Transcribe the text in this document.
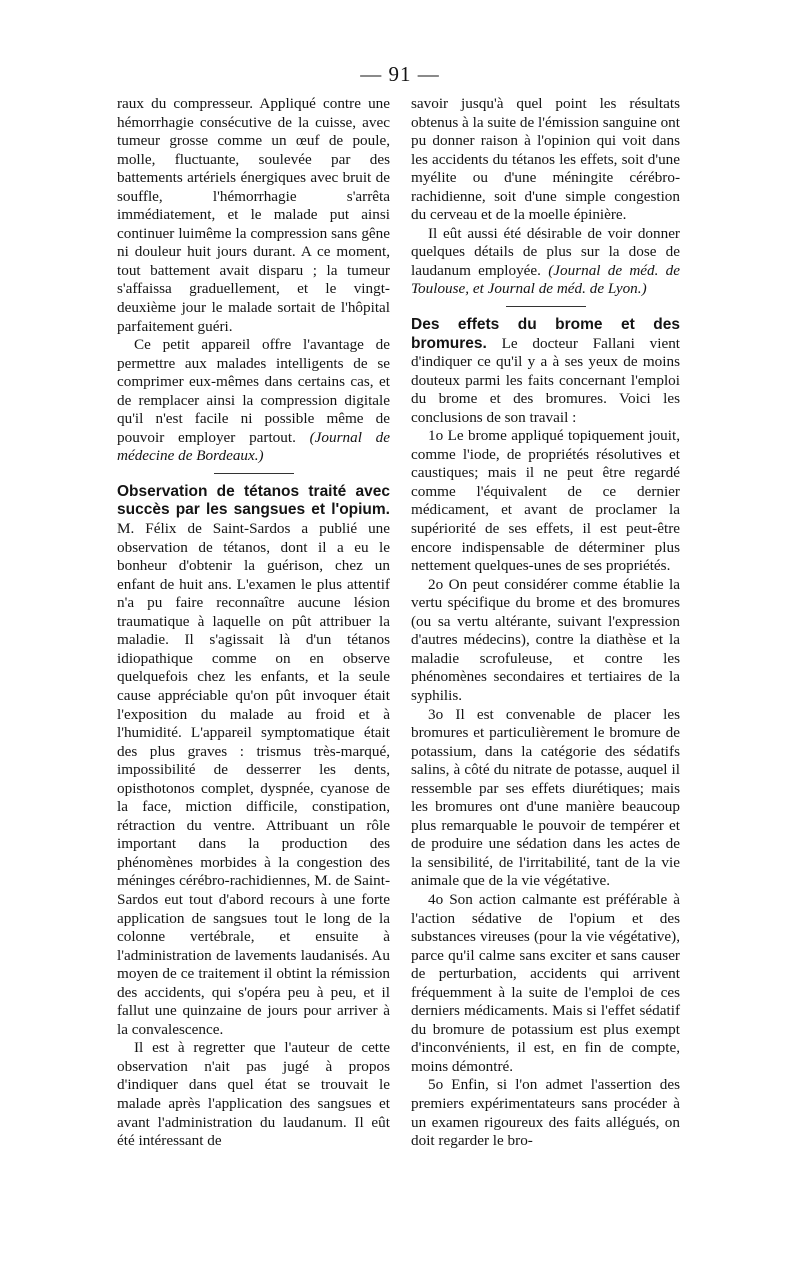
— 91 —

raux du compresseur. Appliqué contre une hémorrhagie consécutive de la cuisse, avec tumeur grosse comme un œuf de poule, molle, fluctuante, soulevée par des battements artériels énergiques avec bruit de souffle, l'hémorrhagie s'arrêta immédiatement, et le malade put ainsi continuer luimême la compression sans gêne ni douleur huit jours durant. A ce moment, tout battement avait disparu ; la tumeur s'affaissa graduellement, et le vingt-deuxième jour le malade sortait de l'hôpital parfaitement guéri.

Ce petit appareil offre l'avantage de permettre aux malades intelligents de se comprimer eux-mêmes dans certains cas, et de remplacer ainsi la compression digitale qu'il n'est facile ni possible même de pouvoir employer partout. (Journal de médecine de Bordeaux.)

Observation de tétanos traité avec succès par les sangsues et l'opium. M. Félix de Saint-Sardos a publié une observation de tétanos, dont il a eu le bonheur d'obtenir la guérison, chez un enfant de huit ans. L'examen le plus attentif n'a pu faire reconnaître aucune lésion traumatique à laquelle on pût attribuer la maladie. Il s'agissait là d'un tétanos idiopathique comme on en observe quelquefois chez les enfants, et la seule cause appréciable qu'on pût invoquer était l'exposition du malade au froid et à l'humidité. L'appareil symptomatique était des plus graves : trismus très-marqué, impossibilité de desserrer les dents, opisthotonos complet, dyspnée, cyanose de la face, miction difficile, constipation, rétraction du ventre. Attribuant un rôle important dans la production des phénomènes morbides à la congestion des méninges cérébro-rachidiennes, M. de Saint-Sardos eut tout d'abord recours à une forte application de sangsues tout le long de la colonne vertébrale, et ensuite à l'administration de lavements laudanisés. Au moyen de ce traitement il obtint la rémission des accidents, qui s'opéra peu à peu, et il fallut une quinzaine de jours pour arriver à la convalescence.

Il est à regretter que l'auteur de cette observation n'ait pas jugé à propos d'indiquer dans quel état se trouvait le malade après l'application des sangsues et avant l'administration du laudanum. Il eût été intéressant de

savoir jusqu'à quel point les résultats obtenus à la suite de l'émission sanguine ont pu donner raison à l'opinion qui voit dans les accidents du tétanos les effets, soit d'une myélite ou d'une méningite cérébro-rachidienne, soit d'une simple congestion du cerveau et de la moelle épinière.

Il eût aussi été désirable de voir donner quelques détails de plus sur la dose de laudanum employée. (Journal de méd. de Toulouse, et Journal de méd. de Lyon.)

Des effets du brome et des bromures. Le docteur Fallani vient d'indiquer ce qu'il y a à ses yeux de moins douteux parmi les faits concernant l'emploi du brome et des bromures. Voici les conclusions de son travail :

1o Le brome appliqué topiquement jouit, comme l'iode, de propriétés résolutives et caustiques; mais il ne peut être regardé comme l'équivalent de ce dernier médicament, et avant de proclamer la supériorité de ses effets, il est peut-être encore indispensable de déterminer plus nettement quelques-unes de ses propriétés.

2o On peut considérer comme établie la vertu spécifique du brome et des bromures (ou sa vertu altérante, suivant l'expression d'autres médecins), contre la diathèse et la maladie scrofuleuse, et contre les phénomènes secondaires et tertiaires de la syphilis.

3o Il est convenable de placer les bromures et particulièrement le bromure de potassium, dans la catégorie des sédatifs salins, à côté du nitrate de potasse, auquel il ressemble par ses effets diurétiques; mais les bromures ont d'une manière beaucoup plus remarquable le pouvoir de tempérer et de produire une sédation dans les actes de la sensibilité, de l'irritabilité, tant de la vie animale que de la vie végétative.

4o Son action calmante est préférable à l'action sédative de l'opium et des substances vireuses (pour la vie végétative), parce qu'il calme sans exciter et sans causer de perturbation, accidents qui arrivent fréquemment à la suite de l'emploi de ces derniers médicaments. Mais si l'effet sédatif du bromure de potassium est plus exempt d'inconvénients, il est, en fin de compte, moins démontré.

5o Enfin, si l'on admet l'assertion des premiers expérimentateurs sans procéder à un examen rigoureux des faits allégués, on doit regarder le bro-
